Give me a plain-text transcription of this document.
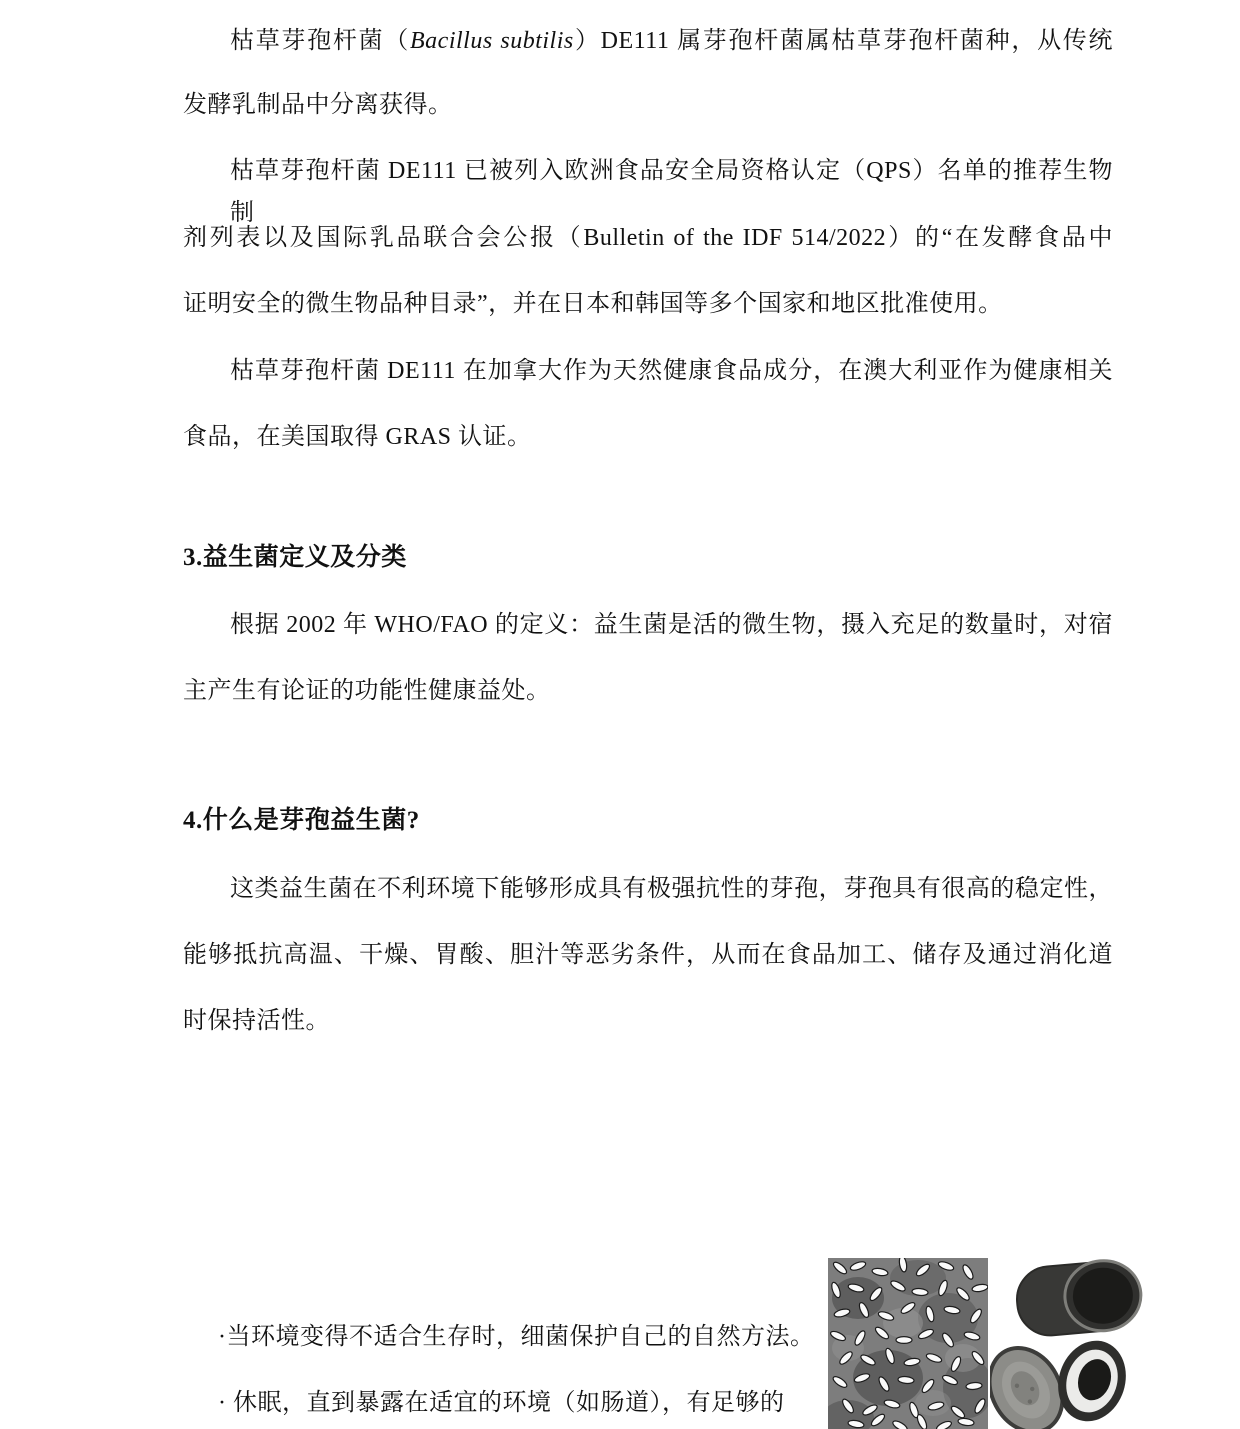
枯草芽孢杆菌（Bacillus subtilis）DE111 属芽孢杆菌属枯草芽孢杆菌种，从传统
发酵乳制品中分离获得。
枯草芽孢杆菌 DE111 已被列入欧洲食品安全局资格认定（QPS）名单的推荐生物制
剂列表以及国际乳品联合会公报（Bulletin of the IDF 514/2022）的“在发酵食品中
证明安全的微生物品种目录”，并在日本和韩国等多个国家和地区批准使用。
枯草芽孢杆菌 DE111 在加拿大作为天然健康食品成分，在澳大利亚作为健康相关
食品，在美国取得 GRAS 认证。
3.益生菌定义及分类
根据 2002 年 WHO/FAO 的定义：益生菌是活的微生物，摄入充足的数量时，对宿
主产生有论证的功能性健康益处。
4.什么是芽孢益生菌?
这类益生菌在不利环境下能够形成具有极强抗性的芽孢，芽孢具有很高的稳定性，
能够抵抗高温、干燥、胃酸、胆汁等恶劣条件，从而在食品加工、储存及通过消化道
时保持活性。
·当环境变得不适合生存时，细菌保护自己的自然方法。
· 休眠，直到暴露在适宜的环境（如肠道），有足够的
